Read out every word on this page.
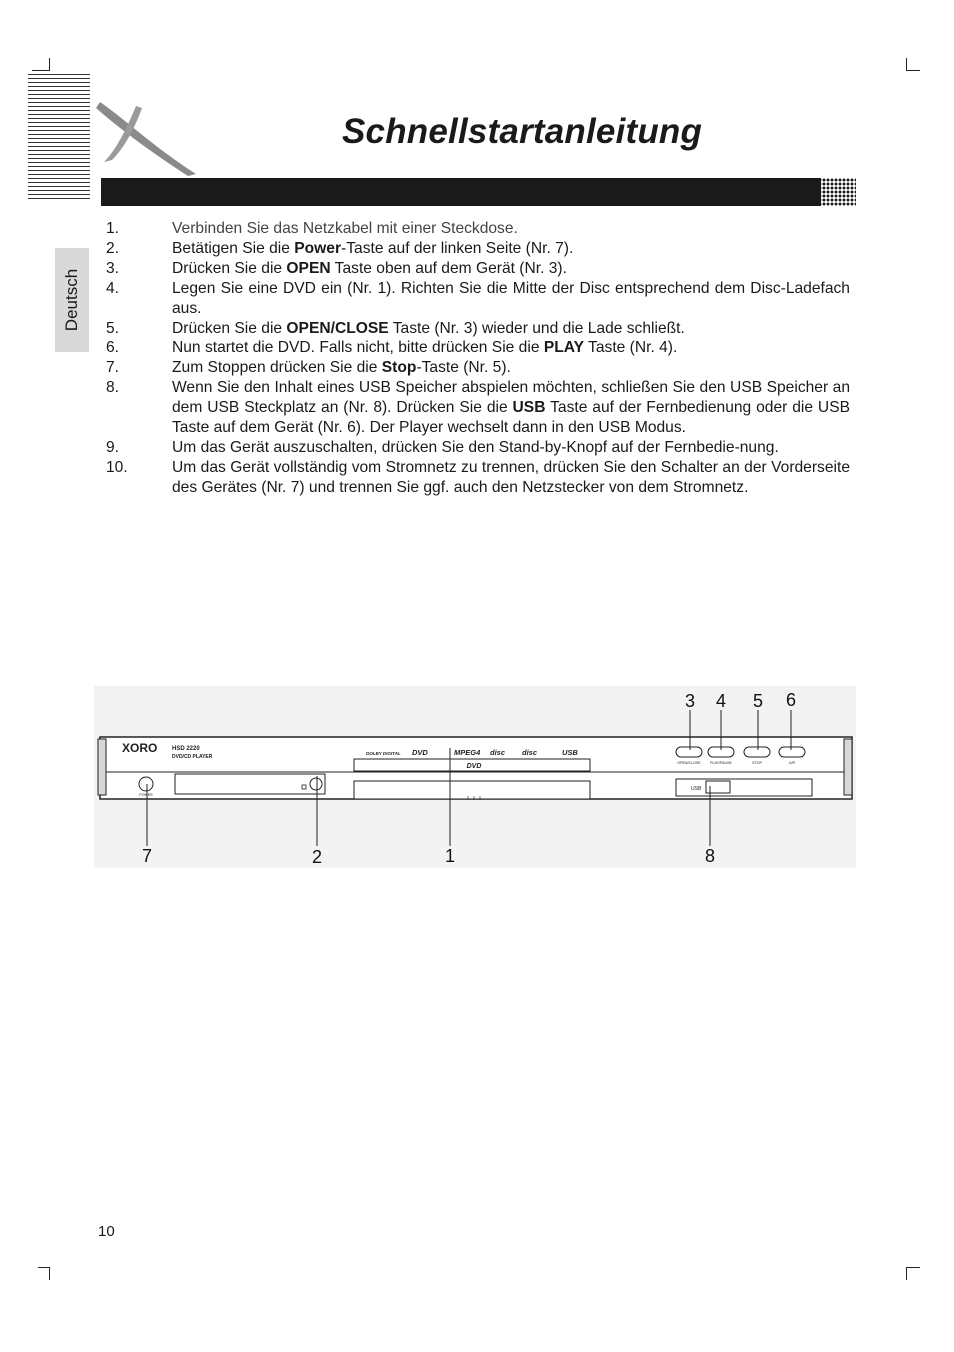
Schnellstartanleitung
Deutsch
1.	Verbinden Sie das Netzkabel mit einer Steckdose.
2.	Betätigen Sie die Power-Taste auf der linken Seite (Nr. 7).
3.	Drücken Sie die OPEN Taste oben auf dem Gerät (Nr. 3).
4.	Legen Sie eine DVD ein (Nr. 1). Richten Sie die Mitte der Disc entsprechend dem Disc-Ladefach aus.
5.	Drücken Sie die OPEN/CLOSE Taste (Nr. 3) wieder und die Lade schließt.
6.	Nun startet die DVD. Falls nicht, bitte drücken Sie die PLAY Taste (Nr. 4).
7.	Zum Stoppen drücken Sie die Stop-Taste (Nr. 5).
8.	Wenn Sie den Inhalt eines USB Speicher abspielen möchten, schließen Sie den USB Speicher an dem USB Steckplatz an (Nr. 8). Drücken Sie die USB Taste auf der Fernbedienung oder die USB Taste auf dem Gerät (Nr. 6). Der Player wechselt dann in den USB Modus.
9.	Um das Gerät auszuschalten, drücken Sie den Stand-by-Knopf auf der Fernbedie-nung.
10.	Um das Gerät vollständig vom Stromnetz zu trennen, drücken Sie den Schalter an der Vorderseite des Gerätes (Nr. 7) und trennen Sie ggf. auch den Netzstecker von dem Stromnetz.
3 4 5 6
XORO HSD 2220
DVD/CD PLAYER
DOLBY DIGITAL DVD	MPEG4 disc disc	USB
DVD	OPEN/CLOSE	PLAY/PAUSE	STOP	U/R
POWER
USB
7	2	1	8
10
